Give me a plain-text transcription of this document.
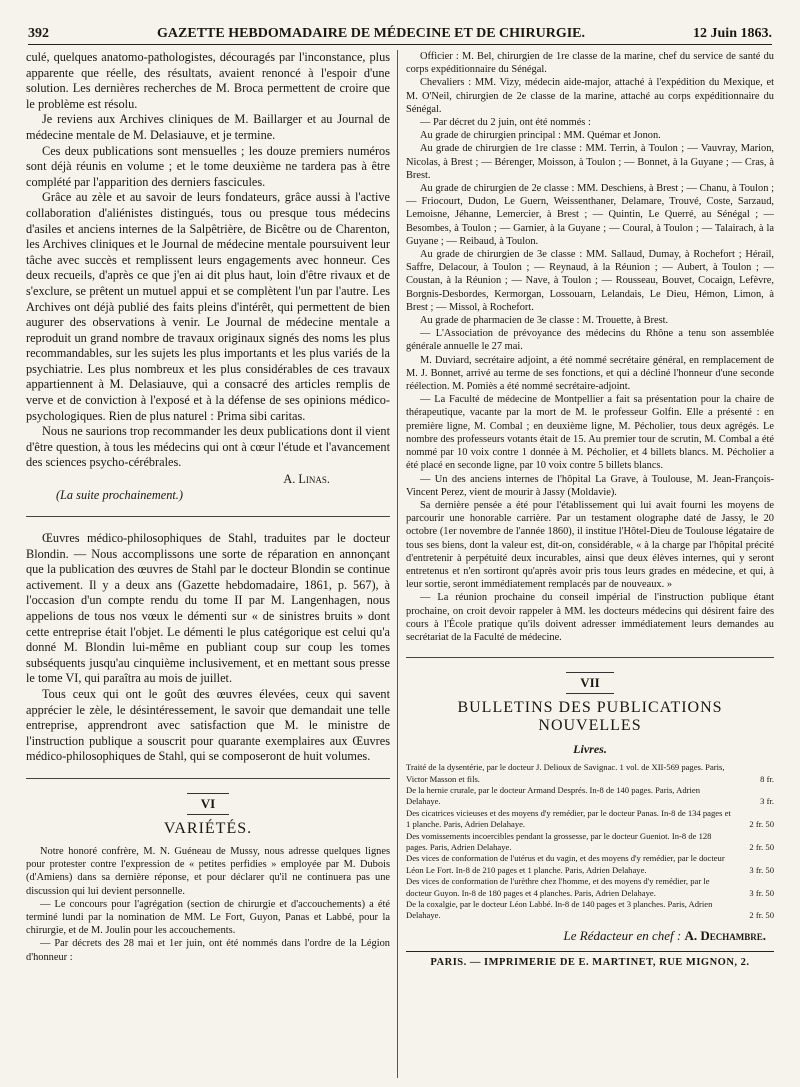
392	GAZETTE HEBDOMADAIRE DE MÉDECINE ET DE CHIRURGIE.	12 Juin 1863.

culé, quelques anatomo-pathologistes, découragés par l'inconstance, plus apparente que réelle, des résultats, avaient renoncé à l'espoir d'une solution. Les dernières recherches de M. Broca permettent de croire que le problème est résolu.

Je reviens aux Archives cliniques de M. Baillarger et au Journal de médecine mentale de M. Delasiauve, et je termine.

Ces deux publications sont mensuelles ; les douze premiers numéros sont déjà réunis en volume ; et le tome deuxième ne tardera pas à être complété par l'apparition des derniers fascicules.

Grâce au zèle et au savoir de leurs fondateurs, grâce aussi à l'active collaboration d'aliénistes distingués, tous ou presque tous médecins d'asiles et anciens internes de la Salpêtrière, de Bicêtre ou de Charenton, les Archives cliniques et le Journal de médecine mentale poursuivent leur tâche avec succès et remplissent leurs engagements avec honneur. Ces deux recueils, d'après ce que j'en ai dit plus haut, loin d'être rivaux et de s'exclure, se prêtent un mutuel appui et se complètent l'un par l'autre. Les Archives ont déjà publié des faits pleins d'intérêt, qui permettent de bien augurer des observations à venir. Le Journal de médecine mentale a reproduit un grand nombre de travaux originaux signés des noms les plus recommandables, sur les sujets les plus importants et les plus variés de la psychiatrie. Les plus nombreux et les plus considérables de ces travaux appartiennent à M. Delasiauve, qui a consacré des articles remplis de verve et de conviction à l'exposé et à la défense de ses opinions médico-psychologiques. Rien de plus naturel : Prima sibi caritas.

Nous ne saurions trop recommander les deux publications dont il vient d'être question, à tous les médecins qui ont à cœur l'étude et l'avancement des sciences psycho-cérébrales.

A. Linas.
(La suite prochainement.)

Œuvres médico-philosophiques de Stahl, traduites par le docteur Blondin. — Nous accomplissons une sorte de réparation en annonçant que la publication des œuvres de Stahl par le docteur Blondin se continue activement. Il y a deux ans (Gazette hebdomadaire, 1861, p. 567), à l'occasion d'un compte rendu du tome II par M. Langenhagen, nous appelions de tous nos vœux le démenti sur « de sinistres bruits » dont cette entreprise était l'objet. Le démenti le plus catégorique est celui qu'a donné M. Blondin lui-même en publiant coup sur coup les tomes subséquents jusqu'au cinquième inclusivement, et en mettant sous presse le tome VI, qui paraîtra au mois de juillet.

Tous ceux qui ont le goût des œuvres élevées, ceux qui savent apprécier le zèle, le désintéressement, le savoir que demandait une telle entreprise, apprendront avec satisfaction que M. le ministre de l'instruction publique a souscrit pour quarante exemplaires aux Œuvres médico-philosophiques de Stahl, qui se composeront de huit volumes.

VI
VARIÉTÉS.

Notre honoré confrère, M. N. Guéneau de Mussy, nous adresse quelques lignes pour protester contre l'expression de « petites perfidies » employée par M. Dubois (d'Amiens) dans sa dernière réponse, et pour déclarer qu'il ne continuera pas une discussion qui lui devient personnelle.

— Le concours pour l'agrégation (section de chirurgie et d'accouchements) a été terminé lundi par la nomination de MM. Le Fort, Guyon, Panas et Labbé, pour la chirurgie, et de M. Joulin pour les accouchements.

— Par décrets des 28 mai et 1er juin, ont été nommés dans l'ordre de la Légion d'honneur :

Officier : M. Bel, chirurgien de 1re classe de la marine, chef du service de santé du corps expéditionnaire du Sénégal.

Chevaliers : MM. Vizy, médecin aide-major, attaché à l'expédition du Mexique, et M. O'Neil, chirurgien de 2e classe de la marine, attaché au corps expéditionnaire du Sénégal.

— Par décret du 2 juin, ont été nommés :

Au grade de chirurgien principal : MM. Quémar et Jonon.

Au grade de chirurgien de 1re classe : MM. Terrin, à Toulon ; — Vauvray, Marion, Nicolas, à Brest ; — Bérenger, Moisson, à Toulon ; — Bonnet, à la Guyane ; — Cras, à Brest.

Au grade de chirurgien de 2e classe : MM. Deschiens, à Brest ; — Chanu, à Toulon ; — Friocourt, Dudon, Le Guern, Weissenthaner, Delamare, Trouvé, Coste, Sarzaud, Lemoisne, Jéhanne, Lemercier, à Brest ; — Quintin, Le Querré, au Sénégal ; — Besombes, à Toulon ; — Garnier, à la Guyane ; — Coural, à Toulon ; — Talairach, à la Guyane ; — Reibaud, à Toulon.

Au grade de chirurgien de 3e classe : MM. Sallaud, Dumay, à Rochefort ; Hérail, Saffre, Delacour, à Toulon ; — Reynaud, à la Réunion ; — Aubert, à Toulon ; — Coustan, à la Réunion ; — Nave, à Toulon ; — Rousseau, Bouvet, Cocaign, Lefèvre, Borgnis-Desbordes, Kermorgan, Lossouarn, Lelandais, Le Dieu, Hémon, Limon, à Brest ; — Missol, à Rochefort.

Au grade de pharmacien de 3e classe : M. Trouette, à Brest.

— L'Association de prévoyance des médecins du Rhône a tenu son assemblée générale annuelle le 27 mai.

M. Duviard, secrétaire adjoint, a été nommé secrétaire général, en remplacement de M. J. Bonnet, arrivé au terme de ses fonctions, et qui a décliné l'honneur d'une seconde réélection. M. Pomiès a été nommé secrétaire-adjoint.

— La Faculté de médecine de Montpellier a fait sa présentation pour la chaire de thérapeutique, vacante par la mort de M. le professeur Golfin. Elle a présenté : en première ligne, M. Combal ; en deuxième ligne, M. Pécholier, tous deux agrégés. Le nombre des professeurs votants était de 15. Au premier tour de scrutin, M. Combal a été nommé par 10 voix contre 1 donnée à M. Pécholier, et 4 billets blancs. M. Pécholier a été placé en seconde ligne, par 10 voix contre 5 billets blancs.

— Un des anciens internes de l'hôpital La Grave, à Toulouse, M. Jean-François-Vincent Perez, vient de mourir à Jassy (Moldavie).

Sa dernière pensée a été pour l'établissement qui lui avait fourni les moyens de parcourir une honorable carrière. Par un testament olographe daté de Jassy, le 20 octobre (1er novembre de l'année 1860), il institue l'Hôtel-Dieu de Toulouse légataire de tous ses biens, dont la valeur est, dit-on, considérable, « à la charge par l'hôpital précité d'entretenir à perpétuité deux incurables, ainsi que deux élèves internes, qui y seront entretenus et n'en sortiront qu'après avoir pris tous leurs grades en médecine, et qui, à leur sortie, seront immédiatement remplacés par de nouveaux. »

— La réunion prochaine du conseil impérial de l'instruction publique étant prochaine, on croit devoir rappeler à MM. les docteurs médecins qui désirent faire des cours à l'École pratique qu'ils doivent adresser immédiatement leurs demandes au secrétariat de la Faculté de médecine.

VII
BULLETINS DES PUBLICATIONS NOUVELLES
Livres.
Traité de la dysentérie, par le docteur J. Delioux de Savignac. 1 vol. de XII-569 pages. Paris, Victor Masson et fils.	8 fr.
De la hernie crurale, par le docteur Armand Després. In-8 de 140 pages. Paris, Adrien Delahaye.	3 fr.
Des cicatrices vicieuses et des moyens d'y remédier, par le docteur Panas. In-8 de 134 pages et 1 planche. Paris, Adrien Delahaye.	2 fr. 50
Des vomissements incoercibles pendant la grossesse, par le docteur Gueniot. In-8 de 128 pages. Paris, Adrien Delahaye.	2 fr. 50
Des vices de conformation de l'utérus et du vagin, et des moyens d'y remédier, par le docteur Léon Le Fort. In-8 de 210 pages et 1 planche. Paris, Adrien Delahaye.	3 fr. 50
Des vices de conformation de l'urèthre chez l'homme, et des moyens d'y remédier, par le docteur Guyon. In-8 de 180 pages et 4 planches. Paris, Adrien Delahaye.	3 fr. 50
De la coxalgie, par le docteur Léon Labbé. In-8 de 140 pages et 3 planches. Paris, Adrien Delahaye.	2 fr. 50
Le Rédacteur en chef : A. Dechambre.
PARIS. — IMPRIMERIE DE E. MARTINET, RUE MIGNON, 2.
